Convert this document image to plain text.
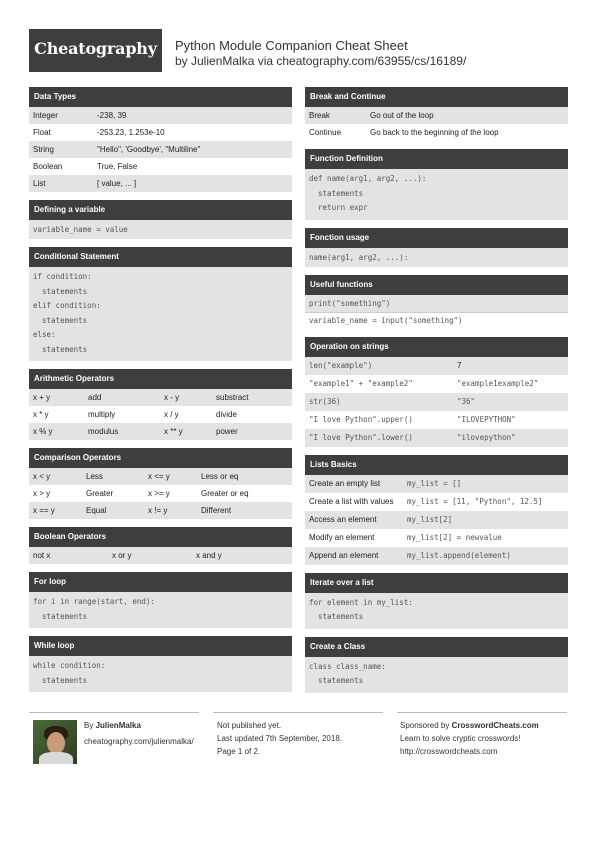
Cheatography	Python Module Companion Cheat Sheet
by JulienMalka via cheatography.com/63955/cs/16189/
Data Types
Integer	-238, 39
Float	-253.23, 1.253e-10
String	"Hello", 'Goodbye', "Multiline"
Boolean	True, False
List	[ value, ... ]
Defining a variable
variable_name = value
Conditional Statement
if condition:
statements
elif condition:
statements
else:
statements
Arithmetic Operators
x + y	add	x - y	substract
x * y	multiply	x / y	divide
x % y	modulus	x ** y	power
Comparison Operators
x < y	Less	x <= y	Less or eq
x > y	Greater	x >= y	Greater or eq
x == y	Equal	x != y	Different
Boolean Operators
not x	x or y	x and y
For loop
for i in range(start, end):
statements
While loop
while condition:
statements
Break and Continue
Break	Go out of the loop
Continue	Go back to the beginning of the loop
Function Definition
def name(arg1, arg2, ...):
statements
return expr
Fonction usage
name(arg1, arg2, ...):
Useful functions
print("something")
variable_name = input("something")
Operation on strings
len("example")	7
"example1" + "example2"	"example1example2"
str(36)	"36"
"I love Python".upper()	"ILOVEPYTHON"
"I love Python".lower()	"ilovepython"
Lists Basics
Create an empty list	my_list = []
Create a list with values	my_list = [11, "Python", 12.5]
Access an element	my_list[2]
Modify an element	my_list[2] = newvalue
Append an element	my_list.append(element)
Iterate over a list
for element in my_list:
statements
Create a Class
class class_name:
statements
By JulienMalka
cheatography.com/julienmalka/
Not published yet.
Last updated 7th September, 2018.
Page 1 of 2.
Sponsored by CrosswordCheats.com
Learn to solve cryptic crosswords!
http://crosswordcheats.com
